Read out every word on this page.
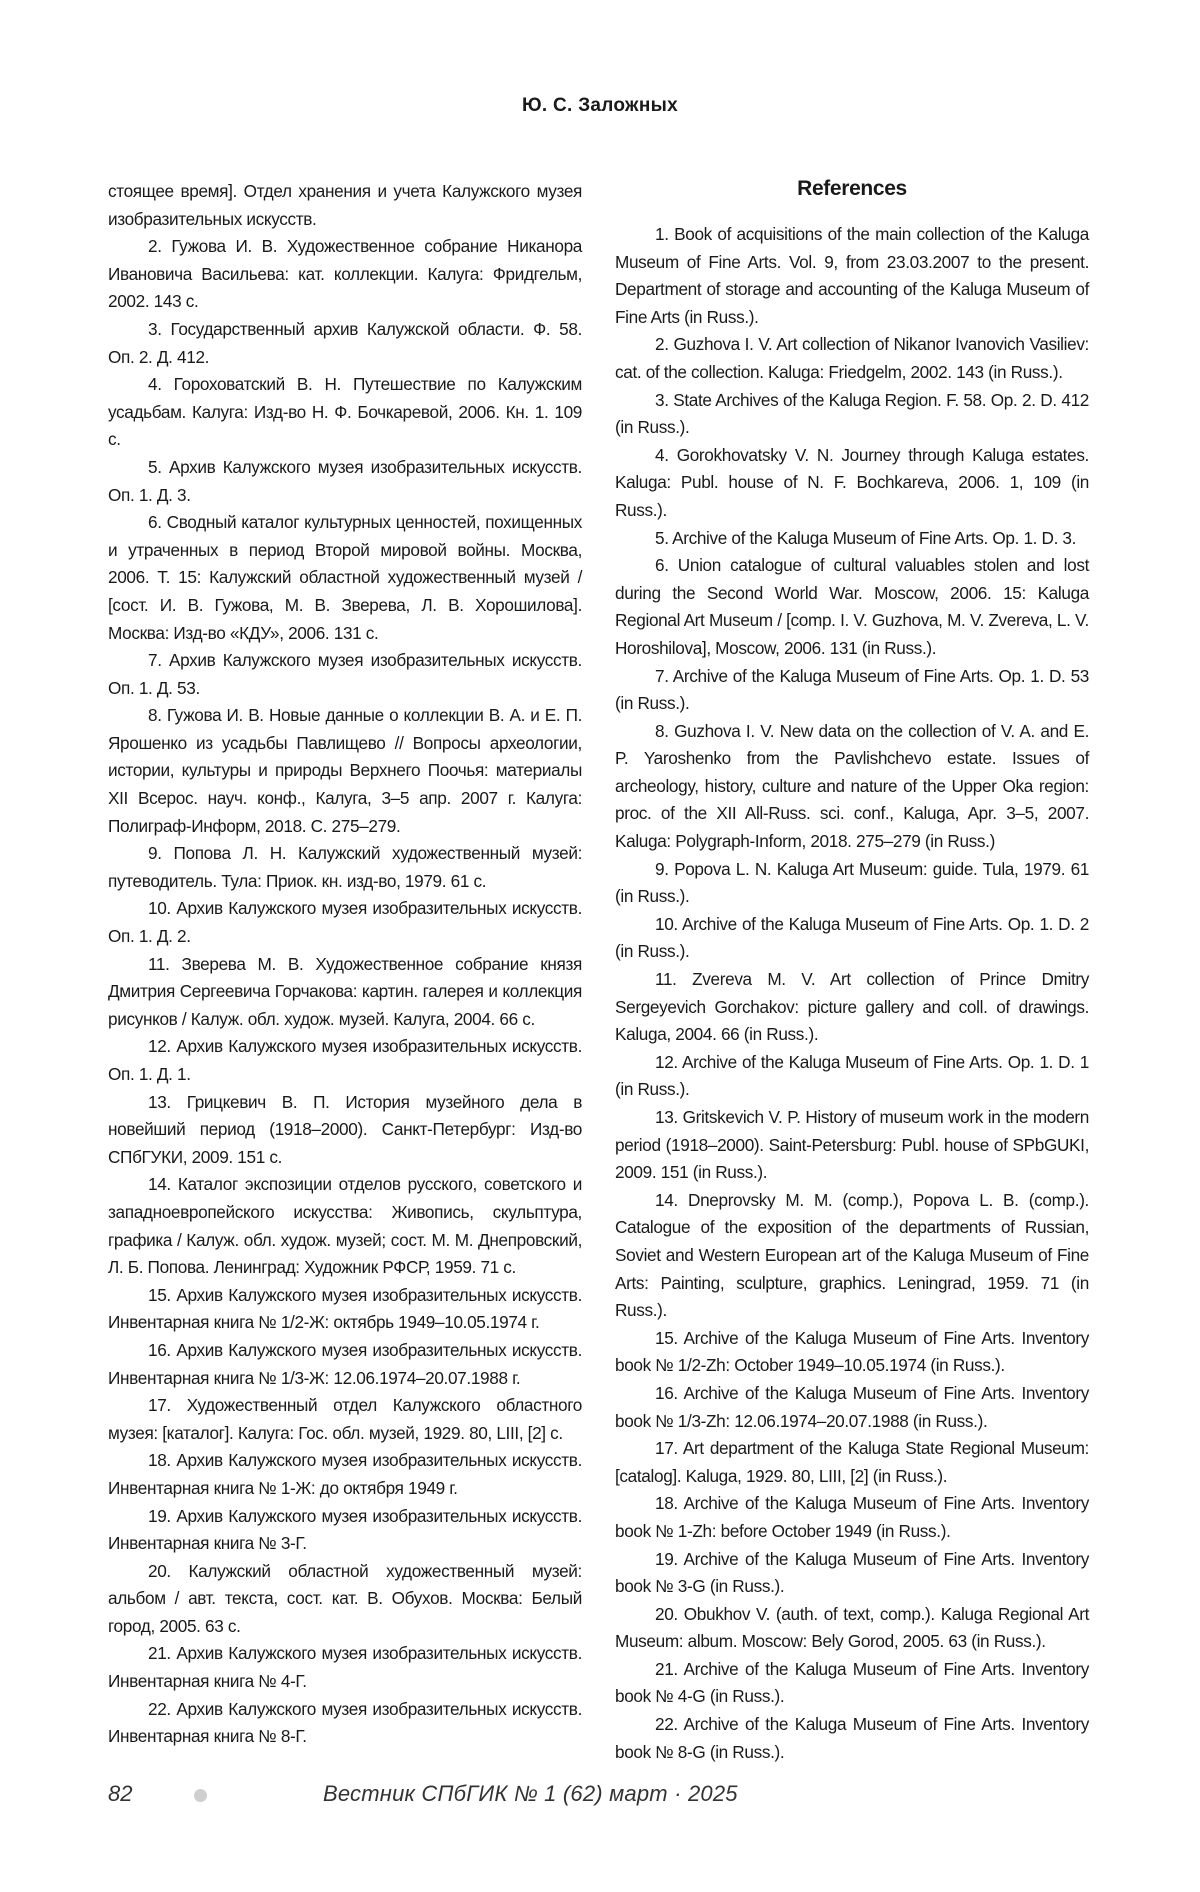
Ю. С. Заложных

стоящее время]. Отдел хранения и учета Калужского музея изобразительных искусств.

2. Гужова И. В. Художественное собрание Никанора Ивановича Васильева: кат. коллекции. Калуга: Фридгельм, 2002. 143 с.

3. Государственный архив Калужской области. Ф. 58. Оп. 2. Д. 412.

4. Гороховатский В. Н. Путешествие по Калужским усадьбам. Калуга: Изд-во Н. Ф. Бочкаревой, 2006. Кн. 1. 109 с.

5. Архив Калужского музея изобразительных искусств. Оп. 1. Д. 3.

6. Сводный каталог культурных ценностей, похищенных и утраченных в период Второй мировой войны. Москва, 2006. Т. 15: Калужский областной художественный музей / [сост. И. В. Гужова, М. В. Зверева, Л. В. Хорошилова]. Москва: Изд-во «КДУ», 2006. 131 с.

7. Архив Калужского музея изобразительных искусств. Оп. 1. Д. 53.

8. Гужова И. В. Новые данные о коллекции В. А. и Е. П. Ярошенко из усадьбы Павлищево // Вопросы археологии, истории, культуры и природы Верхнего Поочья: материалы XII Всерос. науч. конф., Калуга, 3–5 апр. 2007 г. Калуга: Полиграф-Информ, 2018. С. 275–279.

9. Попова Л. Н. Калужский художественный музей: путеводитель. Тула: Приок. кн. изд-во, 1979. 61 с.

10. Архив Калужского музея изобразительных искусств. Оп. 1. Д. 2.

11. Зверева М. В. Художественное собрание князя Дмитрия Сергеевича Горчакова: картин. галерея и коллекция рисунков / Калуж. обл. худож. музей. Калуга, 2004. 66 с.

12. Архив Калужского музея изобразительных искусств. Оп. 1. Д. 1.

13. Грицкевич В. П. История музейного дела в новейший период (1918–2000). Санкт-Петербург: Изд-во СПбГУКИ, 2009. 151 с.

14. Каталог экспозиции отделов русского, советского и западноевропейского искусства: Живопись, скульптура, графика / Калуж. обл. худож. музей; сост. М. М. Днепровский, Л. Б. Попова. Ленинград: Художник РФСР, 1959. 71 с.

15. Архив Калужского музея изобразительных искусств. Инвентарная книга № 1/2-Ж: октябрь 1949–10.05.1974 г.

16. Архив Калужского музея изобразительных искусств. Инвентарная книга № 1/3-Ж: 12.06.1974–20.07.1988 г.

17. Художественный отдел Калужского областного музея: [каталог]. Калуга: Гос. обл. музей, 1929. 80, LIII, [2] с.

18. Архив Калужского музея изобразительных искусств. Инвентарная книга № 1-Ж: до октября 1949 г.

19. Архив Калужского музея изобразительных искусств. Инвентарная книга № 3-Г.

20. Калужский областной художественный музей: альбом / авт. текста, сост. кат. В. Обухов. Москва: Белый город, 2005. 63 с.

21. Архив Калужского музея изобразительных искусств. Инвентарная книга № 4-Г.

22. Архив Калужского музея изобразительных искусств. Инвентарная книга № 8-Г.

References

1. Book of acquisitions of the main collection of the Kaluga Museum of Fine Arts. Vol. 9, from 23.03.2007 to the present. Department of storage and accounting of the Kaluga Museum of Fine Arts (in Russ.).

2. Guzhova I. V. Art collection of Nikanor Ivanovich Vasiliev: cat. of the collection. Kaluga: Friedgelm, 2002. 143 (in Russ.).

3. State Archives of the Kaluga Region. F. 58. Op. 2. D. 412 (in Russ.).

4. Gorokhovatsky V. N. Journey through Kaluga estates. Kaluga: Publ. house of N. F. Bochkareva, 2006. 1, 109 (in Russ.).

5. Archive of the Kaluga Museum of Fine Arts. Op. 1. D. 3.

6. Union catalogue of cultural valuables stolen and lost during the Second World War. Moscow, 2006. 15: Kaluga Regional Art Museum / [comp. I. V. Guzhova, M. V. Zvereva, L. V. Horoshilova], Moscow, 2006. 131 (in Russ.).

7. Archive of the Kaluga Museum of Fine Arts. Op. 1. D. 53 (in Russ.).

8. Guzhova I. V. New data on the collection of V. A. and E. P. Yaroshenko from the Pavlishchevo estate. Issues of archeology, history, culture and nature of the Upper Oka region: proc. of the XII All-Russ. sci. conf., Kaluga, Apr. 3–5, 2007. Kaluga: Polygraph-Inform, 2018. 275–279 (in Russ.)

9. Popova L. N. Kaluga Art Museum: guide. Tula, 1979. 61 (in Russ.).

10. Archive of the Kaluga Museum of Fine Arts. Op. 1. D. 2 (in Russ.).

11. Zvereva M. V. Art collection of Prince Dmitry Sergeyevich Gorchakov: picture gallery and coll. of drawings. Kaluga, 2004. 66 (in Russ.).

12. Archive of the Kaluga Museum of Fine Arts. Op. 1. D. 1 (in Russ.).

13. Gritskevich V. P. History of museum work in the modern period (1918–2000). Saint-Petersburg: Publ. house of SPbGUKI, 2009. 151 (in Russ.).

14. Dneprovsky M. M. (comp.), Popova L. B. (comp.). Catalogue of the exposition of the departments of Russian, Soviet and Western European art of the Kaluga Museum of Fine Arts: Painting, sculpture, graphics. Leningrad, 1959. 71 (in Russ.).

15. Archive of the Kaluga Museum of Fine Arts. Inventory book № 1/2-Zh: October 1949–10.05.1974 (in Russ.).

16. Archive of the Kaluga Museum of Fine Arts. Inventory book № 1/3-Zh: 12.06.1974–20.07.1988 (in Russ.).

17. Art department of the Kaluga State Regional Museum: [catalog]. Kaluga, 1929. 80, LIII, [2] (in Russ.).

18. Archive of the Kaluga Museum of Fine Arts. Inventory book № 1-Zh: before October 1949 (in Russ.).

19. Archive of the Kaluga Museum of Fine Arts. Inventory book № 3-G (in Russ.).

20. Obukhov V. (auth. of text, comp.). Kaluga Regional Art Museum: album. Moscow: Bely Gorod, 2005. 63 (in Russ.).

21. Archive of the Kaluga Museum of Fine Arts. Inventory book № 4-G (in Russ.).

22. Archive of the Kaluga Museum of Fine Arts. Inventory book № 8-G (in Russ.).

82	Вестник СПбГИК № 1 (62) март · 2025
